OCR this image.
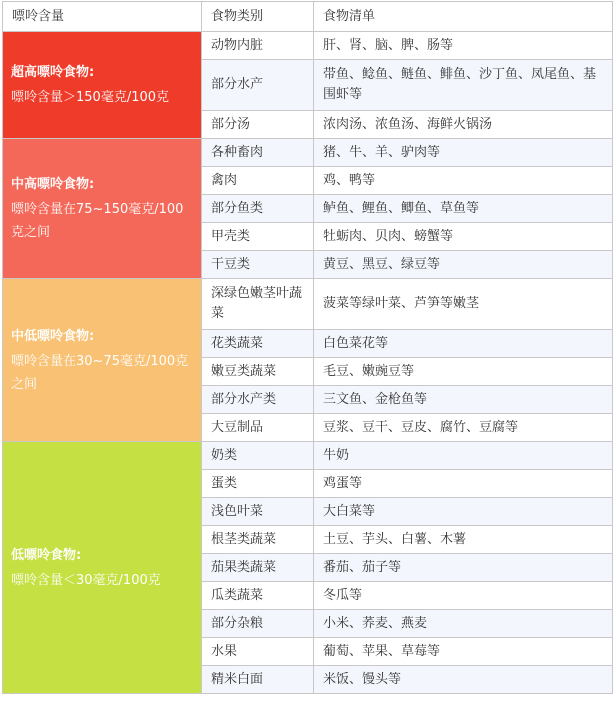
嘌呤含量	食物类别	食物清单

超高嘌呤食物:
嘌呤含量＞150毫克/100克	动物内脏	肝、肾、脑、脾、肠等
	部分水产	带鱼、鲶鱼、鲢鱼、鲱鱼、沙丁鱼、凤尾鱼、基围虾等
	部分汤	浓肉汤、浓鱼汤、海鲜火锅汤

中高嘌呤食物:
嘌呤含量在75~150毫克/100克之间	各种畜肉	猪、牛、羊、驴肉等
	禽肉	鸡、鸭等
	部分鱼类	鲈鱼、鲤鱼、鲫鱼、草鱼等
	甲壳类	牡蛎肉、贝肉、螃蟹等
	干豆类	黄豆、黑豆、绿豆等

中低嘌呤食物:
嘌呤含量在30~75毫克/100克之间	深绿色嫩茎叶蔬菜	菠菜等绿叶菜、芦笋等嫩茎
	花类蔬菜	白色菜花等
	嫩豆类蔬菜	毛豆、嫩豌豆等
	部分水产类	三文鱼、金枪鱼等
	大豆制品	豆浆、豆干、豆皮、腐竹、豆腐等

低嘌呤食物:
嘌呤含量＜30毫克/100克	奶类	牛奶
	蛋类	鸡蛋等
	浅色叶菜	大白菜等
	根茎类蔬菜	土豆、芋头、白薯、木薯
	茄果类蔬菜	番茄、茄子等
	瓜类蔬菜	冬瓜等
	部分杂粮	小米、荞麦、燕麦
	水果	葡萄、苹果、草莓等
	精米白面	米饭、馒头等
